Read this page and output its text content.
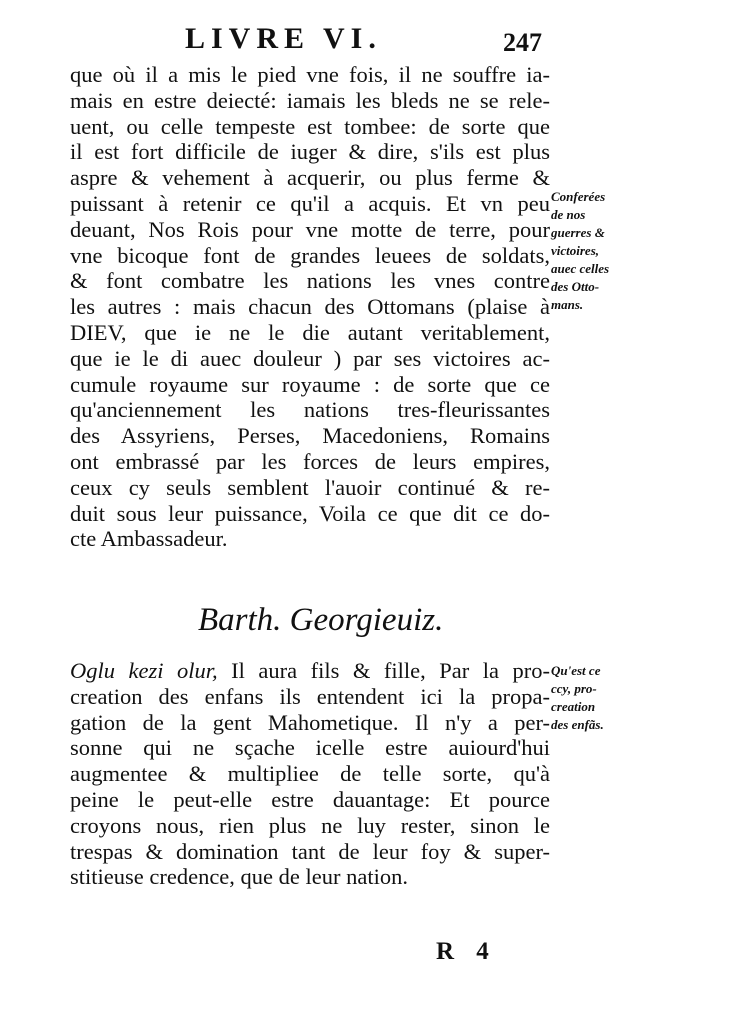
LIVRE VI.	247
que où il a mis le pied vne fois, il ne souffre ia-
mais en estre deiecté: iamais les bleds ne se rele-
uent, ou celle tempeste est tombee: de sorte que
il est fort difficile de iuger & dire, s'ils est plus
aspre & vehement à acquerir, ou plus ferme &
puissant à retenir ce qu'il a acquis. Et vn peu
deuant, Nos Rois pour vne motte de terre, pour
vne bicoque font de grandes leuees de soldats,
& font combatre les nations les vnes contre
les autres : mais chacun des Ottomans (plaise à
DIEV, que ie ne le die autant veritablement,
que ie le di auec douleur ) par ses victoires ac-
cumule royaume sur royaume : de sorte que ce
qu'anciennement les nations tres-fleurissantes
des Assyriens, Perses, Macedoniens, Romains
ont embrassé par les forces de leurs empires,
ceux cy seuls semblent l'auoir continué & re-
duit sous leur puissance, Voila ce que dit ce do-
cte Ambassadeur.
Conferées
de nos
guerres &
victoires,
auec celles
des Otto-
mans.
Barth. Georgieuiz.
Oglu kezi olur, Il aura fils & fille, Par la pro-
creation des enfans ils entendent ici la propa-
gation de la gent Mahometique. Il n'y a per-
sonne qui ne sçache icelle estre auiourd'hui
augmentee & multipliee de telle sorte, qu'à
peine le peut-elle estre dauantage: Et pource
croyons nous, rien plus ne luy rester, sinon le
trespas & domination tant de leur foy & super-
stitieuse credence, que de leur nation.
Qu'est ce
ccy, pro-
creation
des enfãs.
R 4
